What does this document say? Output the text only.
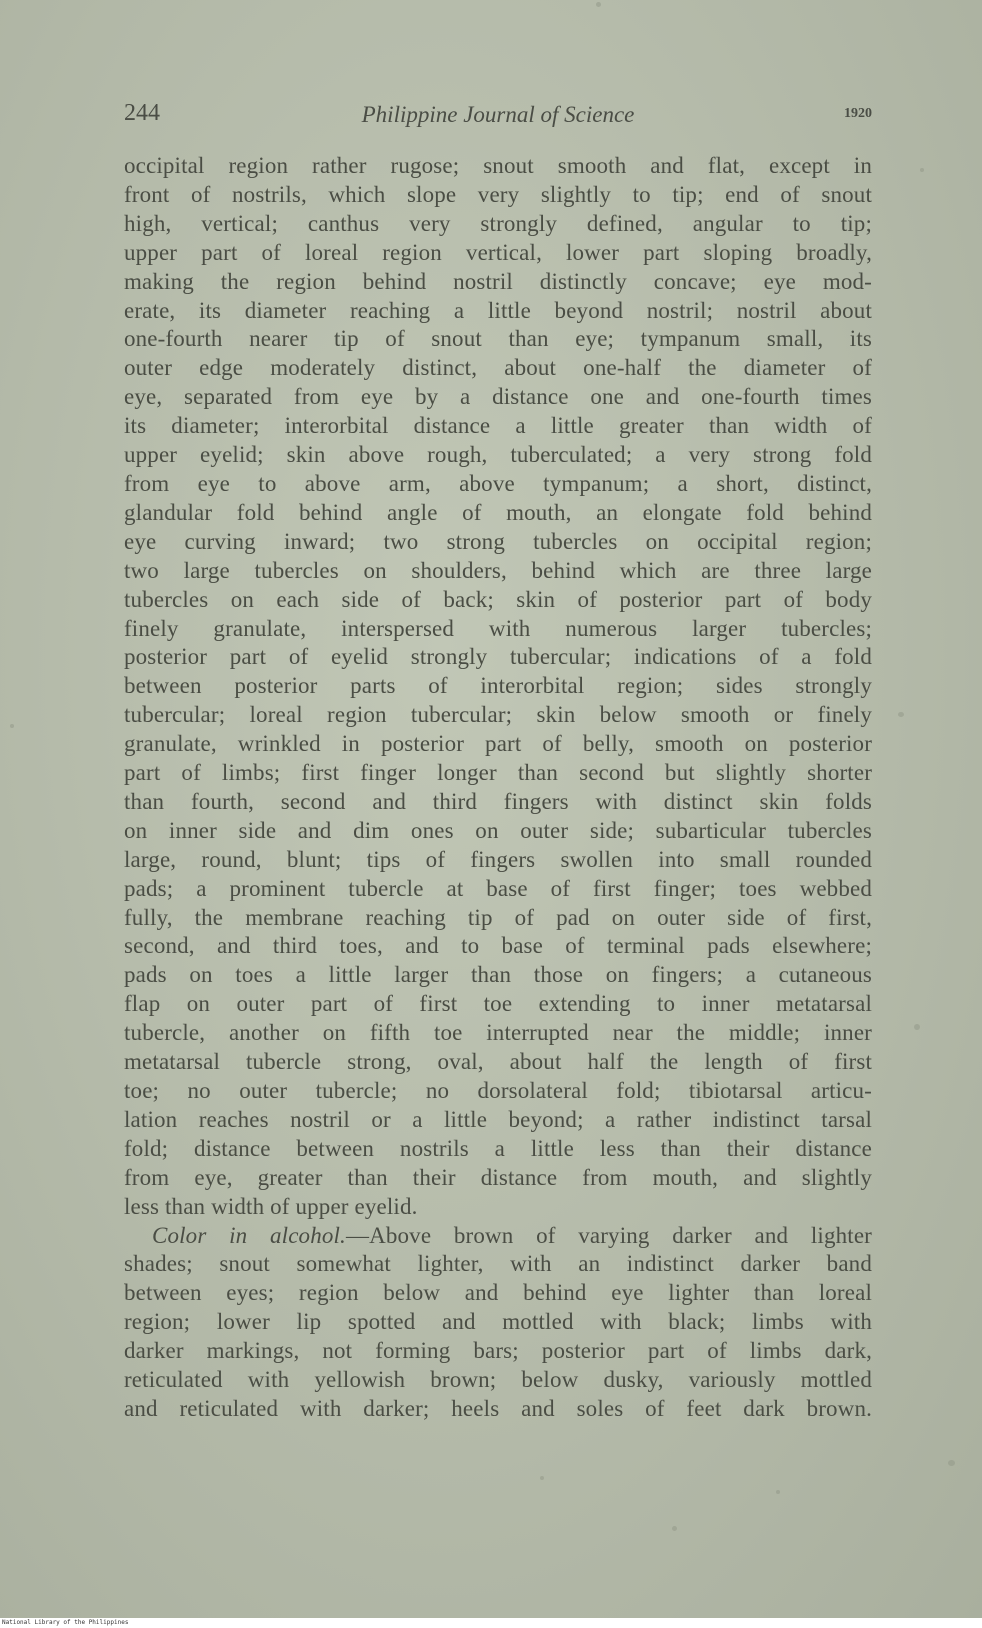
244	Philippine Journal of Science	1920
occipital region rather rugose; snout smooth and flat, except in
front of nostrils, which slope very slightly to tip; end of snout
high, vertical; canthus very strongly defined, angular to tip;
upper part of loreal region vertical, lower part sloping broadly,
making the region behind nostril distinctly concave; eye mod-
erate, its diameter reaching a little beyond nostril; nostril about
one-fourth nearer tip of snout than eye; tympanum small, its
outer edge moderately distinct, about one-half the diameter of
eye, separated from eye by a distance one and one-fourth times
its diameter; interorbital distance a little greater than width of
upper eyelid; skin above rough, tuberculated; a very strong fold
from eye to above arm, above tympanum; a short, distinct,
glandular fold behind angle of mouth, an elongate fold behind
eye curving inward; two strong tubercles on occipital region;
two large tubercles on shoulders, behind which are three large
tubercles on each side of back; skin of posterior part of body
finely granulate, interspersed with numerous larger tubercles;
posterior part of eyelid strongly tubercular; indications of a fold
between posterior parts of interorbital region; sides strongly
tubercular; loreal region tubercular; skin below smooth or finely
granulate, wrinkled in posterior part of belly, smooth on posterior
part of limbs; first finger longer than second but slightly shorter
than fourth, second and third fingers with distinct skin folds
on inner side and dim ones on outer side; subarticular tubercles
large, round, blunt; tips of fingers swollen into small rounded
pads; a prominent tubercle at base of first finger; toes webbed
fully, the membrane reaching tip of pad on outer side of first,
second, and third toes, and to base of terminal pads elsewhere;
pads on toes a little larger than those on fingers; a cutaneous
flap on outer part of first toe extending to inner metatarsal
tubercle, another on fifth toe interrupted near the middle; inner
metatarsal tubercle strong, oval, about half the length of first
toe; no outer tubercle; no dorsolateral fold; tibiotarsal articu-
lation reaches nostril or a little beyond; a rather indistinct tarsal
fold; distance between nostrils a little less than their distance
from eye, greater than their distance from mouth, and slightly
less than width of upper eyelid.
Color in alcohol.—Above brown of varying darker and lighter
shades; snout somewhat lighter, with an indistinct darker band
between eyes; region below and behind eye lighter than loreal
region; lower lip spotted and mottled with black; limbs with
darker markings, not forming bars; posterior part of limbs dark,
reticulated with yellowish brown; below dusky, variously mottled
and reticulated with darker; heels and soles of feet dark brown.
National Library of the Philippines
